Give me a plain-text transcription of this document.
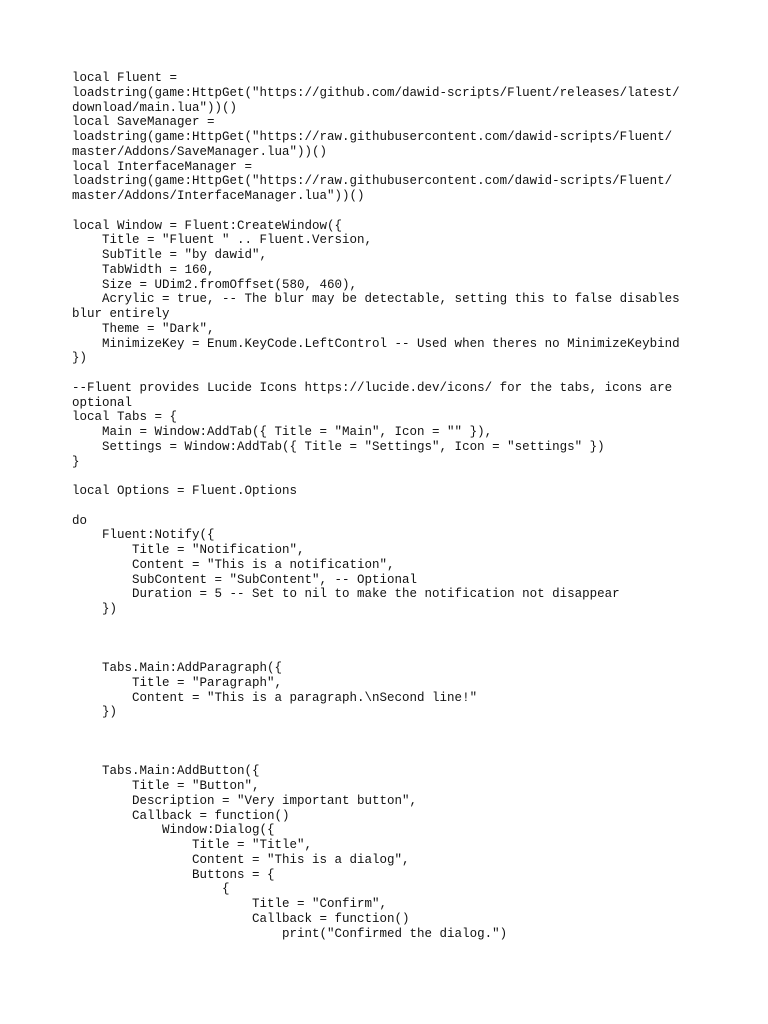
local Fluent =
loadstring(game:HttpGet("https://github.com/dawid-scripts/Fluent/releases/latest/
download/main.lua"))()
local SaveManager =
loadstring(game:HttpGet("https://raw.githubusercontent.com/dawid-scripts/Fluent/
master/Addons/SaveManager.lua"))()
local InterfaceManager =
loadstring(game:HttpGet("https://raw.githubusercontent.com/dawid-scripts/Fluent/
master/Addons/InterfaceManager.lua"))()
local Window = Fluent:CreateWindow({
Title = "Fluent " .. Fluent.Version,
SubTitle = "by dawid",
TabWidth = 160,
Size = UDim2.fromOffset(580, 460),
Acrylic = true, -- The blur may be detectable, setting this to false disables
blur entirely
Theme = "Dark",
MinimizeKey = Enum.KeyCode.LeftControl -- Used when theres no MinimizeKeybind
})
--Fluent provides Lucide Icons https://lucide.dev/icons/ for the tabs, icons are
optional
local Tabs = {
Main = Window:AddTab({ Title = "Main", Icon = "" }),
Settings = Window:AddTab({ Title = "Settings", Icon = "settings" })
}
local Options = Fluent.Options
do
Fluent:Notify({
Title = "Notification",
Content = "This is a notification",
SubContent = "SubContent", -- Optional
Duration = 5 -- Set to nil to make the notification not disappear
})
Tabs.Main:AddParagraph({
Title = "Paragraph",
Content = "This is a paragraph.\nSecond line!"
})
Tabs.Main:AddButton({
Title = "Button",
Description = "Very important button",
Callback = function()
Window:Dialog({
Title = "Title",
Content = "This is a dialog",
Buttons = {
{
Title = "Confirm",
Callback = function()
print("Confirmed the dialog.")
